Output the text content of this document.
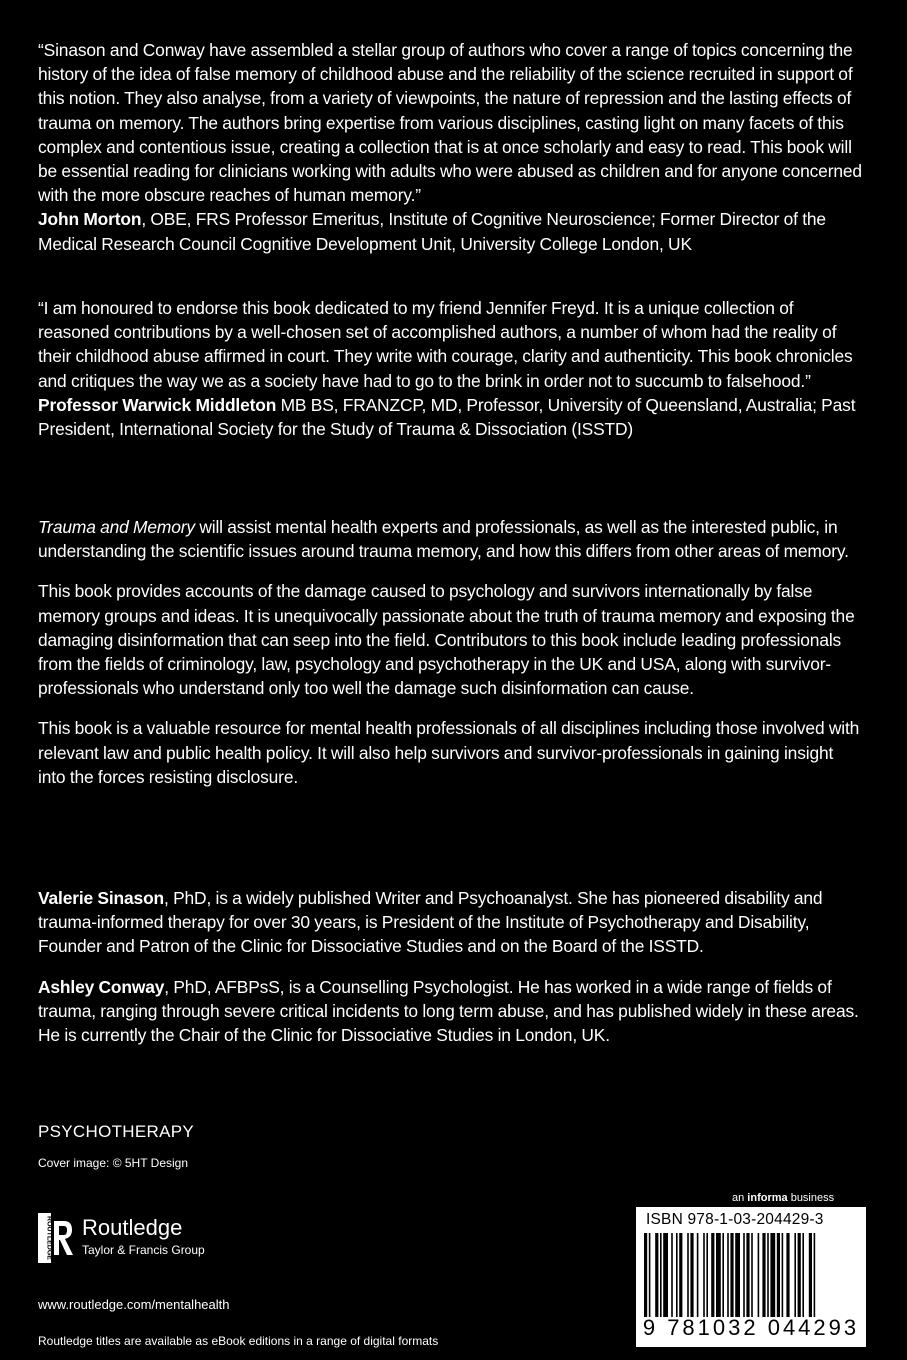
“Sinason and Conway have assembled a stellar group of authors who cover a range of topics concerning the history of the idea of false memory of childhood abuse and the reliability of the science recruited in support of this notion. They also analyse, from a variety of viewpoints, the nature of repression and the lasting effects of trauma on memory. The authors bring expertise from various disciplines, casting light on many facets of this complex and contentious issue, creating a collection that is at once scholarly and easy to read. This book will be essential reading for clinicians working with adults who were abused as children and for anyone concerned with the more obscure reaches of human memory.”

John Morton, OBE, FRS Professor Emeritus, Institute of Cognitive Neuroscience; Former Director of the Medical Research Council Cognitive Development Unit, University College London, UK

“I am honoured to endorse this book dedicated to my friend Jennifer Freyd. It is a unique collection of reasoned contributions by a well-chosen set of accomplished authors, a number of whom had the reality of their childhood abuse affirmed in court. They write with courage, clarity and authenticity. This book chronicles and critiques the way we as a society have had to go to the brink in order not to succumb to falsehood.”

Professor Warwick Middleton MB BS, FRANZCP, MD, Professor, University of Queensland, Australia; Past President, International Society for the Study of Trauma & Dissociation (ISSTD)

Trauma and Memory will assist mental health experts and professionals, as well as the interested public, in understanding the scientific issues around trauma memory, and how this differs from other areas of memory.

This book provides accounts of the damage caused to psychology and survivors internationally by false memory groups and ideas. It is unequivocally passionate about the truth of trauma memory and exposing the damaging disinformation that can seep into the field. Contributors to this book include leading professionals from the fields of criminology, law, psychology and psychotherapy in the UK and USA, along with survivor-professionals who understand only too well the damage such disinformation can cause.

This book is a valuable resource for mental health professionals of all disciplines including those involved with relevant law and public health policy. It will also help survivors and survivor-professionals in gaining insight into the forces resisting disclosure.

Valerie Sinason, PhD, is a widely published Writer and Psychoanalyst. She has pioneered disability and trauma-informed therapy for over 30 years, is President of the Institute of Psychotherapy and Disability, Founder and Patron of the Clinic for Dissociative Studies and on the Board of the ISSTD.

Ashley Conway, PhD, AFBPsS, is a Counselling Psychologist. He has worked in a wide range of fields of trauma, ranging through severe critical incidents to long term abuse, and has published widely in these areas. He is currently the Chair of the Clinic for Dissociative Studies in London, UK.

PSYCHOTHERAPY
Cover image: © 5HT Design
ROUTLEDGE Routledge
Taylor & Francis Group
www.routledge.com/mentalhealth
Routledge titles are available as eBook editions in a range of digital formats
an informa business
ISBN 978-1-03-204429-3
9 781032 044293
